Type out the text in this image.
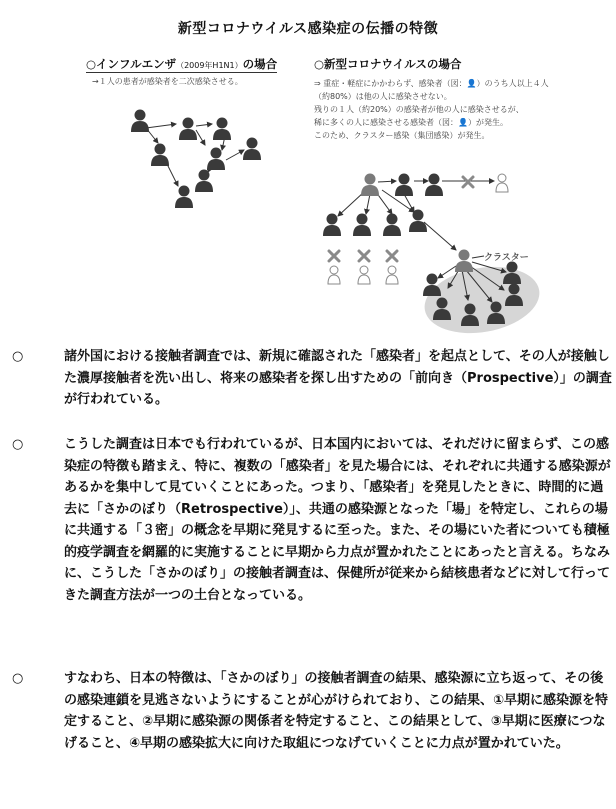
新型コロナウイルス感染症の伝播の特徴
○インフルエンザ（2009年H1N1）の場合
→１人の患者が感染者を二次感染させる。
○新型コロナウイルスの場合
⇒ 重症・軽症にかかわらず、感染者（図：👤）のうち人以上４人
（約80%）は他の人に感染させない。
残りの１人（約20%）の感染者が他の人に感染させるが、
稀に多くの人に感染させる感染者（図：👤）が発生。
このため、クラスター感染（集団感染）が発生。
クラスター
○	諸外国における接触者調査では、新規に確認された「感染者」を起点として、その人が接触した濃厚接触者を洗い出し、将来の感染者を探し出すための「前向き（Prospective）」の調査が行われている。
○	こうした調査は日本でも行われているが、日本国内においては、それだけに留まらず、この感染症の特徴も踏まえ、特に、複数の「感染者」を見た場合には、それぞれに共通する感染源があるかを集中して見ていくことにあった。つまり、「感染者」を発見したときに、時間的に過去に「さかのぼり（Retrospective）」、共通の感染源となった「場」を特定し、これらの場に共通する「３密」の概念を早期に発見するに至った。また、その場にいた者についても積極的疫学調査を網羅的に実施することに早期から力点が置かれたことにあったと言える。ちなみに、こうした「さかのぼり」の接触者調査は、保健所が従来から結核患者などに対して行ってきた調査方法が一つの土台となっている。
○	すなわち、日本の特徴は、「さかのぼり」の接触者調査の結果、感染源に立ち返って、その後の感染連鎖を見逃さないようにすることが心がけられており、この結果、①早期に感染源を特定すること、②早期に感染源の関係者を特定すること、この結果として、③早期に医療につなげること、④早期の感染拡大に向けた取組につなげていくことに力点が置かれていた。
